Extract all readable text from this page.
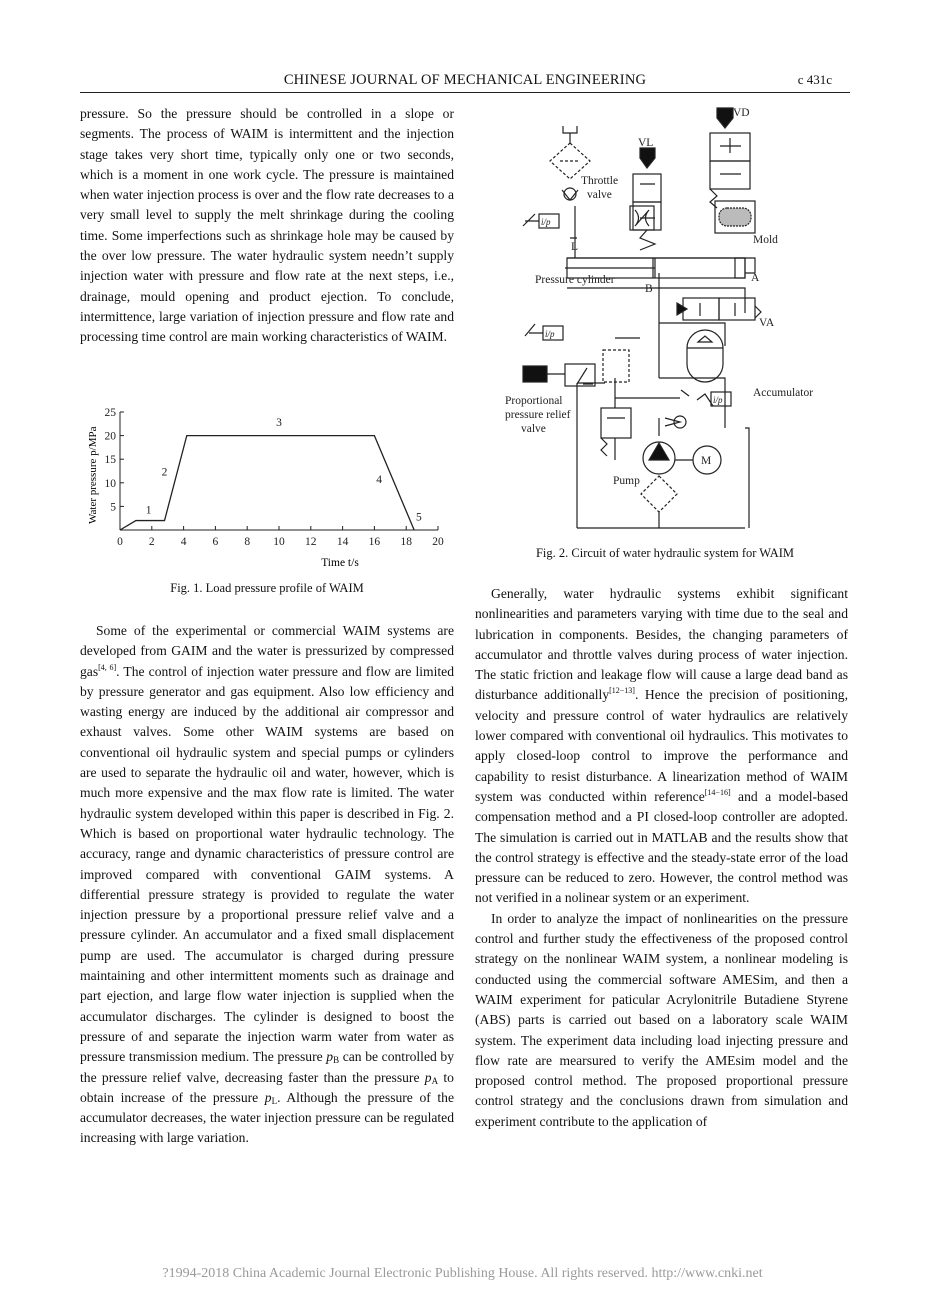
CHINESE JOURNAL OF MECHANICAL ENGINEERING	c 431c

pressure. So the pressure should be controlled in a slope or segments. The process of WAIM is intermittent and the injection stage takes very short time, typically only one or two seconds, which is a moment in one work cycle. The pressure is maintained when water injection process is over and the flow rate decreases to a very small level to supply the melt shrinkage during the cooling time. Some imperfections such as shrinkage hole may be caused by the over low pressure. The water hydraulic system needn’t supply injection water with pressure and flow rate at the next steps, i.e., drainage, mould opening and product ejection. To conclude, intermittence, large variation of injection pressure and flow rate and processing time control are main working characteristics of WAIM.

0 2 4 6 8 10 12 14 16 18 20
5
10
15
20
25
1
2
3
4
5
Water pressure p/MPa
Time t/s
Fig. 1. Load pressure profile of WAIM

Some of the experimental or commercial WAIM systems are developed from GAIM and the water is pressurized by compressed gas[4, 6]. The control of injection water pressure and flow are limited by pressure generator and gas equipment. Also low efficiency and wasting energy are induced by the additional air compressor and exhaust valves. Some other WAIM systems are based on conventional oil hydraulic system and special pumps or cylinders are used to separate the hydraulic oil and water, however, which is much more expensive and the max flow rate is limited. The water hydraulic system developed within this paper is described in Fig. 2. Which is based on proportional water hydraulic technology. The accuracy, range and dynamic characteristics of pressure control are improved compared with conventional GAIM systems. A differential pressure strategy is provided to regulate the water injection pressure by a proportional pressure relief valve and a pressure cylinder. An accumulator and a fixed small displacement pump are used. The accumulator is charged during pressure maintaining and other intermittent moments such as drainage and part ejection, and large flow water injection is supplied when the accumulator discharges. The cylinder is designed to boost the pressure of and separate the injection warm water from water as pressure transmission medium. The pressure $p_B$ can be controlled by the pressure relief valve, decreasing faster than the pressure $p_A$ to obtain increase of the pressure $p_L$. Although the pressure of the accumulator decreases, the water injection pressure can be regulated increasing with large variation.

VD
VL
Throttle
valve
Mold
L
Pressure cylinder	A
B
VA
Accumulator
Proportional
pressure relief
valve
Pump
M
i/p
i/p
i/p
Fig. 2. Circuit of water hydraulic system for WAIM

Generally, water hydraulic systems exhibit significant nonlinearities and parameters varying with time due to the seal and lubrication in components. Besides, the changing parameters of accumulator and throttle valves during process of water injection. The static friction and leakage flow will cause a large dead band as disturbance additionally[12−13]. Hence the precision of positioning, velocity and pressure control of water hydraulics are relatively lower compared with conventional oil hydraulics. This motivates to apply closed-loop control to improve the performance and capability to resist disturbance. A linearization method of WAIM system was conducted within reference[14−16] and a model-based compensation method and a PI closed-loop controller are adopted. The simulation is carried out in MATLAB and the results show that the control strategy is effective and the steady-state error of the load pressure can be reduced to zero. However, the control method was not verified in a nolinear system or an experiment.

In order to analyze the impact of nonlinearities on the pressure control and further study the effectiveness of the proposed control strategy on the nonlinear WAIM system, a nonlinear modeling is conducted using the commercial software AMESim, and then a WAIM experiment for paticular Acrylonitrile Butadiene Styrene (ABS) parts is carried out based on a laboratory scale WAIM system. The experiment data including load injecting pressure and flow rate are mearsured to verify the AMEsim model and the proposed control method. The proposed proportional pressure control strategy and the conclusions drawn from simulation and experiment contribute to the application of

?1994-2018 China Academic Journal Electronic Publishing House. All rights reserved. http://www.cnki.net
